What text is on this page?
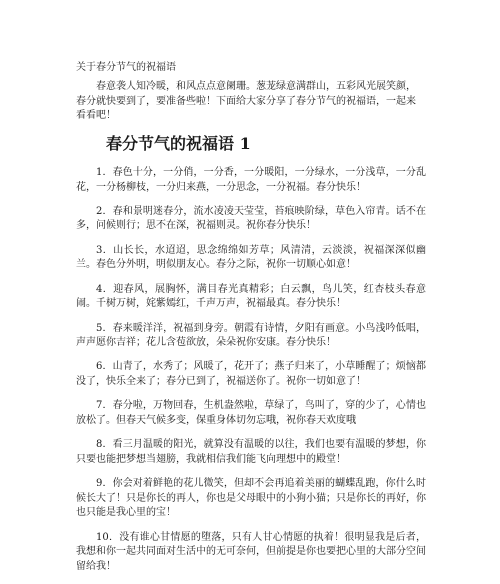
关于春分节气的祝福语

春意袭人知冷暖，和风点点意阑珊。葱茏绿意满群山，五彩风光展笑颜，春分就快要到了，要准备些啦！下面给大家分享了春分节气的祝福语，一起来看看吧！

春分节气的祝福语 1

1．春色十分，一分俏，一分香，一分暖阳，一分绿水，一分浅草，一分乱花，一分杨柳枝，一分归来燕，一分思念，一分祝福。春分快乐！

2．春和景明迷春分，流水凌凌天莹莹，苔痕映阶绿，草色入帘青。话不在多，问候则行；思不在深，祝福则灵。祝你春分快乐！

3．山长长，水迢迢，思念绵绵如芳草；风清清，云淡淡，祝福深深似幽兰。春色分外明，明似朋友心。春分之际，祝你一切顺心如意！

4．迎春风，展胸怀，满目春光真精彩；白云飘，鸟儿笑，红杏枝头春意闹。千树万树，姹紫嫣红，千声万声，祝福最真。春分快乐！

5．春来暖洋洋，祝福到身旁。朝霞有诗情，夕阳有画意。小鸟浅吟低唱，声声愿你吉祥；花儿含苞欲放，朵朵祝你安康。春分快乐！

6．山青了，水秀了；风暖了，花开了；燕子归来了，小草睡醒了；烦恼都没了，快乐全来了；春分已到了，祝福送你了。祝你一切如意了！

7．春分啦，万物回春，生机盎然啦，草绿了，鸟叫了，穿的少了，心情也放松了。但春天气候多变，保重身体切勿忘哦，祝你春天欢度哦

8．看三月温暖的阳光，就算没有温暖的以往，我们也要有温暖的梦想，你只要也能把梦想当翅膀，我就相信我们能飞向理想中的殿堂！

9．你会对着鲜艳的花儿微笑，但却不会再追着美丽的蝴蝶乱跑，你什么时候长大了！只是你长的再人，你也是父母眼中的小狗小猫；只是你长的再好，你也只能是我心里的宝！

10．没有谁心甘情愿的堕落，只有人甘心情愿的执着！很明显我是后者，我想和你一起共同面对生活中的无可奈何，但前提是你也要把心里的大部分空间留给我！
